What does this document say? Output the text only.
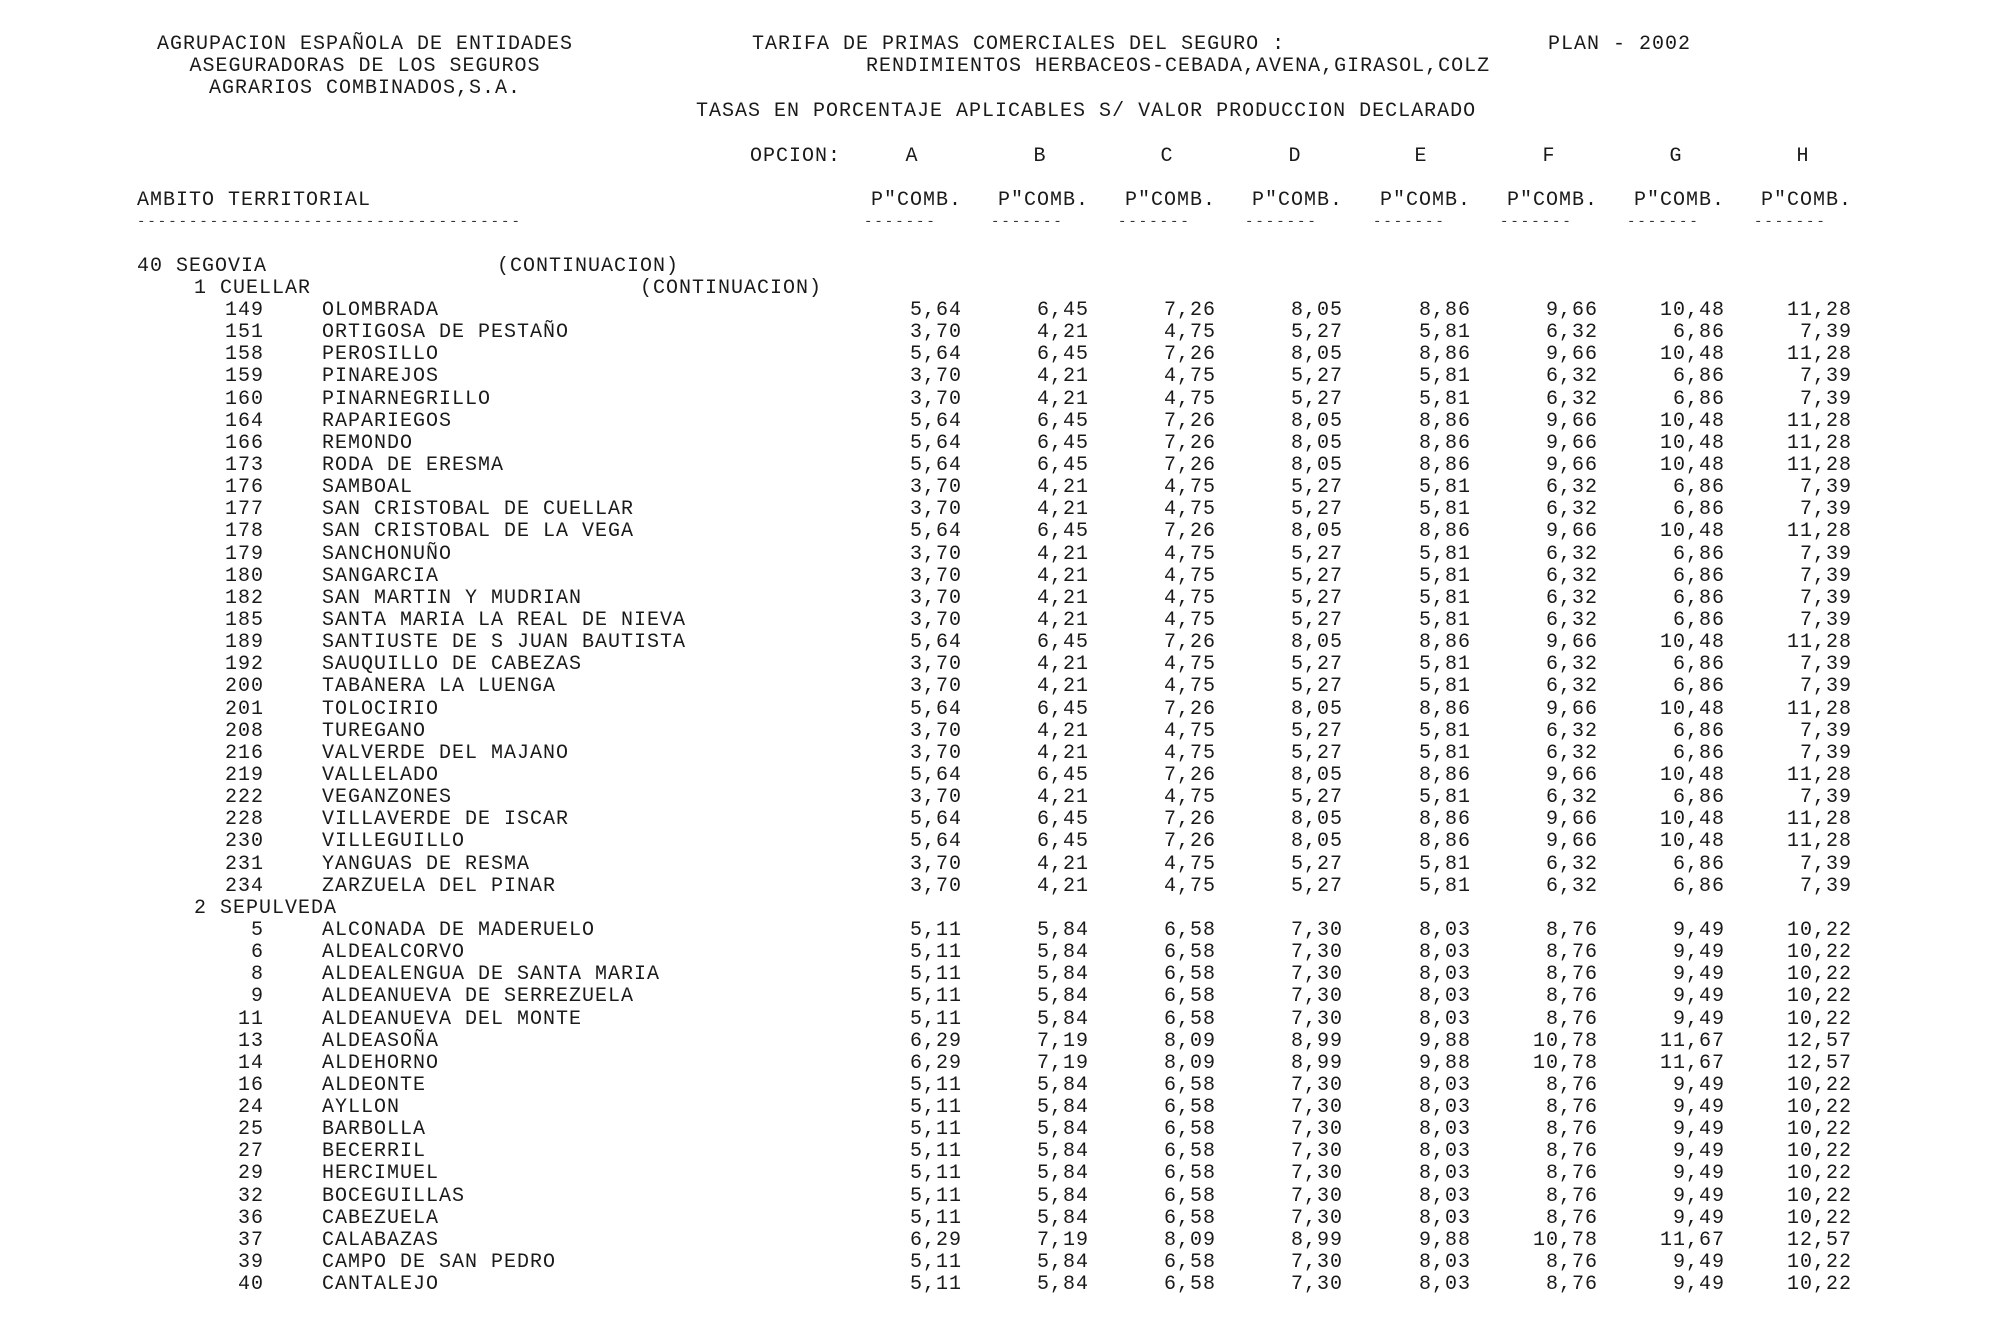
AGRUPACION ESPAÑOLA DE ENTIDADES
ASEGURADORAS DE LOS SEGUROS
AGRARIOS COMBINADOS,S.A.
TARIFA DE PRIMAS COMERCIALES DEL SEGURO :	PLAN - 2002
RENDIMIENTOS HERBACEOS-CEBADA,AVENA,GIRASOL,COLZ
TASAS EN PORCENTAJE APLICABLES S/ VALOR PRODUCCION DECLARADO
OPCION:	A	B	C	D	E	F	G	H
AMBITO TERRITORIAL	P"COMB.	P"COMB.	P"COMB.	P"COMB.	P"COMB.	P"COMB.	P"COMB.	P"COMB.
-------------------------------------	-------	-------	-------	-------	-------	-------	-------	-------
40 SEGOVIA	(CONTINUACION)
1 CUELLAR	(CONTINUACION)
149	OLOMBRADA	5,64	6,45	7,26	8,05	8,86	9,66	10,48	11,28
151	ORTIGOSA DE PESTAÑO	3,70	4,21	4,75	5,27	5,81	6,32	6,86	7,39
158	PEROSILLO	5,64	6,45	7,26	8,05	8,86	9,66	10,48	11,28
159	PINAREJOS	3,70	4,21	4,75	5,27	5,81	6,32	6,86	7,39
160	PINARNEGRILLO	3,70	4,21	4,75	5,27	5,81	6,32	6,86	7,39
164	RAPARIEGOS	5,64	6,45	7,26	8,05	8,86	9,66	10,48	11,28
166	REMONDO	5,64	6,45	7,26	8,05	8,86	9,66	10,48	11,28
173	RODA DE ERESMA	5,64	6,45	7,26	8,05	8,86	9,66	10,48	11,28
176	SAMBOAL	3,70	4,21	4,75	5,27	5,81	6,32	6,86	7,39
177	SAN CRISTOBAL DE CUELLAR	3,70	4,21	4,75	5,27	5,81	6,32	6,86	7,39
178	SAN CRISTOBAL DE LA VEGA	5,64	6,45	7,26	8,05	8,86	9,66	10,48	11,28
179	SANCHONUÑO	3,70	4,21	4,75	5,27	5,81	6,32	6,86	7,39
180	SANGARCIA	3,70	4,21	4,75	5,27	5,81	6,32	6,86	7,39
182	SAN MARTIN Y MUDRIAN	3,70	4,21	4,75	5,27	5,81	6,32	6,86	7,39
185	SANTA MARIA LA REAL DE NIEVA	3,70	4,21	4,75	5,27	5,81	6,32	6,86	7,39
189	SANTIUSTE DE S JUAN BAUTISTA	5,64	6,45	7,26	8,05	8,86	9,66	10,48	11,28
192	SAUQUILLO DE CABEZAS	3,70	4,21	4,75	5,27	5,81	6,32	6,86	7,39
200	TABANERA LA LUENGA	3,70	4,21	4,75	5,27	5,81	6,32	6,86	7,39
201	TOLOCIRIO	5,64	6,45	7,26	8,05	8,86	9,66	10,48	11,28
208	TUREGANO	3,70	4,21	4,75	5,27	5,81	6,32	6,86	7,39
216	VALVERDE DEL MAJANO	3,70	4,21	4,75	5,27	5,81	6,32	6,86	7,39
219	VALLELADO	5,64	6,45	7,26	8,05	8,86	9,66	10,48	11,28
222	VEGANZONES	3,70	4,21	4,75	5,27	5,81	6,32	6,86	7,39
228	VILLAVERDE DE ISCAR	5,64	6,45	7,26	8,05	8,86	9,66	10,48	11,28
230	VILLEGUILLO	5,64	6,45	7,26	8,05	8,86	9,66	10,48	11,28
231	YANGUAS DE RESMA	3,70	4,21	4,75	5,27	5,81	6,32	6,86	7,39
234	ZARZUELA DEL PINAR	3,70	4,21	4,75	5,27	5,81	6,32	6,86	7,39
2 SEPULVEDA
5	ALCONADA DE MADERUELO	5,11	5,84	6,58	7,30	8,03	8,76	9,49	10,22
6	ALDEALCORVO	5,11	5,84	6,58	7,30	8,03	8,76	9,49	10,22
8	ALDEALENGUA DE SANTA MARIA	5,11	5,84	6,58	7,30	8,03	8,76	9,49	10,22
9	ALDEANUEVA DE SERREZUELA	5,11	5,84	6,58	7,30	8,03	8,76	9,49	10,22
11	ALDEANUEVA DEL MONTE	5,11	5,84	6,58	7,30	8,03	8,76	9,49	10,22
13	ALDEASOÑA	6,29	7,19	8,09	8,99	9,88	10,78	11,67	12,57
14	ALDEHORNO	6,29	7,19	8,09	8,99	9,88	10,78	11,67	12,57
16	ALDEONTE	5,11	5,84	6,58	7,30	8,03	8,76	9,49	10,22
24	AYLLON	5,11	5,84	6,58	7,30	8,03	8,76	9,49	10,22
25	BARBOLLA	5,11	5,84	6,58	7,30	8,03	8,76	9,49	10,22
27	BECERRIL	5,11	5,84	6,58	7,30	8,03	8,76	9,49	10,22
29	HERCIMUEL	5,11	5,84	6,58	7,30	8,03	8,76	9,49	10,22
32	BOCEGUILLAS	5,11	5,84	6,58	7,30	8,03	8,76	9,49	10,22
36	CABEZUELA	5,11	5,84	6,58	7,30	8,03	8,76	9,49	10,22
37	CALABAZAS	6,29	7,19	8,09	8,99	9,88	10,78	11,67	12,57
39	CAMPO DE SAN PEDRO	5,11	5,84	6,58	7,30	8,03	8,76	9,49	10,22
40	CANTALEJO	5,11	5,84	6,58	7,30	8,03	8,76	9,49	10,22
